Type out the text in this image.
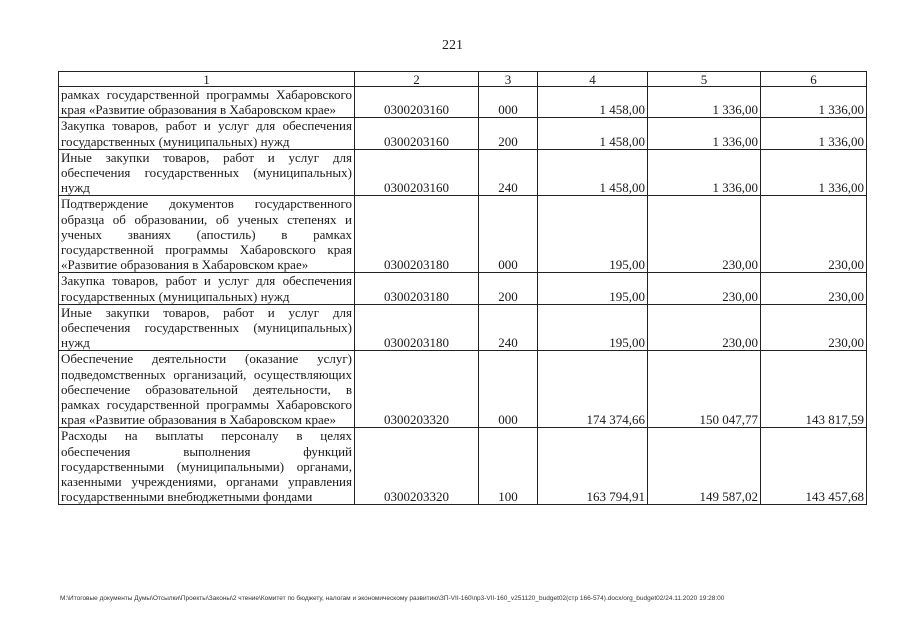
221
1	2	3	4	5	6
рамках государственной программы Хабаровского края «Развитие образования в Хабаровском крае»	0300203160	000	1 458,00	1 336,00	1 336,00
Закупка товаров, работ и услуг для обеспечения государственных (муниципальных) нужд	0300203160	200	1 458,00	1 336,00	1 336,00
Иные закупки товаров, работ и услуг для обеспечения государственных (муниципальных) нужд	0300203160	240	1 458,00	1 336,00	1 336,00
Подтверждение документов государственного образца об образовании, об ученых степенях и ученых званиях (апостиль) в рамках государственной программы Хабаровского края «Развитие образования в Хабаровском крае»	0300203180	000	195,00	230,00	230,00
Закупка товаров, работ и услуг для обеспечения государственных (муниципальных) нужд	0300203180	200	195,00	230,00	230,00
Иные закупки товаров, работ и услуг для обеспечения государственных (муниципальных) нужд	0300203180	240	195,00	230,00	230,00
Обеспечение деятельности (оказание услуг) подведомственных организаций, осуществляющих обеспечение образовательной деятельности, в рамках государственной программы Хабаровского края «Развитие образования в Хабаровском крае»	0300203320	000	174 374,66	150 047,77	143 817,59
Расходы на выплаты персоналу в целях обеспечения выполнения функций государственными (муниципальными) органами, казенными учреждениями, органами управления государственными внебюджетными фондами	0300203320	100	163 794,91	149 587,02	143 457,68
M:\Итоговые документы Думы\Отсылки\Проекты\Законы\2 чтение\Комитет по бюджету, налогам и экономическому развитию\ЗП-VII-160\пр3-VII-160_v251120_budget02(стр 166-574).docx/org_budget02/24.11.2020 19:28:00
